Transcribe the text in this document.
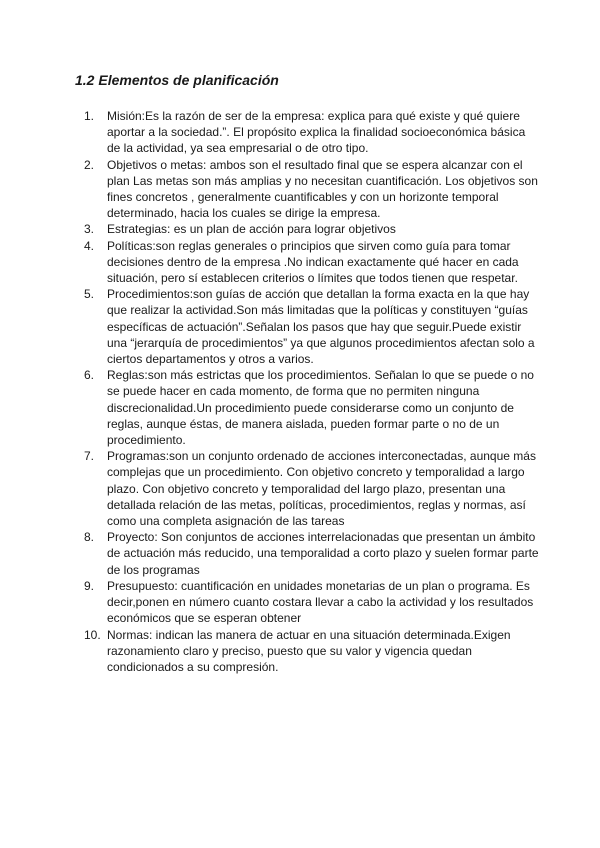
1.2 Elementos de planificación
1.	Misión:Es la razón de ser de la empresa: explica para qué existe y qué quiere aportar a la sociedad.”. El propósito explica la finalidad socioeconómica básica de la actividad, ya sea empresarial o de otro tipo.
2.	Objetivos o metas: ambos son el resultado final que se espera alcanzar con el plan Las metas son más amplias y no necesitan cuantificación. Los objetivos son fines concretos , generalmente cuantificables y con un horizonte temporal determinado, hacia los cuales se dirige la empresa.
3.	Estrategias: es un plan de acción para lograr objetivos
4.	Políticas:son reglas generales o principios que sirven como guía para tomar decisiones dentro de la empresa .No indican exactamente qué hacer en cada situación, pero sí establecen criterios o límites que todos tienen que respetar.
5.	Procedimientos:son guías de acción que detallan la forma exacta en la que hay que realizar la actividad.Son más limitadas que la políticas y constituyen “guías específicas de actuación”.Señalan los pasos que hay que seguir.Puede existir una “jerarquía de procedimientos” ya que algunos procedimientos afectan solo a ciertos departamentos y otros a varios.
6.	Reglas:son más estrictas que los procedimientos. Señalan lo que se puede o no se puede hacer en cada momento, de forma que no permiten ninguna discrecionalidad.Un procedimiento puede considerarse como un conjunto de reglas, aunque éstas, de manera aislada, pueden formar parte o no de un procedimiento.
7.	Programas:son un conjunto ordenado de acciones interconectadas, aunque más complejas que un procedimiento. Con objetivo concreto y temporalidad a largo plazo. Con objetivo concreto y temporalidad del largo plazo, presentan una detallada relación de las metas, políticas, procedimientos, reglas y normas, así como una completa asignación de las tareas
8.	Proyecto: Son conjuntos de acciones interrelacionadas que presentan un ámbito de actuación más reducido, una temporalidad a corto plazo y suelen formar parte de los programas
9.	Presupuesto: cuantificación en unidades monetarias de un plan o programa. Es decir,ponen en número cuanto costara llevar a cabo la actividad y los resultados económicos que se esperan obtener
10. Normas: indican las manera de actuar en una situación determinada.Exigen razonamiento claro y preciso, puesto que su valor y vigencia quedan condicionados a su compresión.
